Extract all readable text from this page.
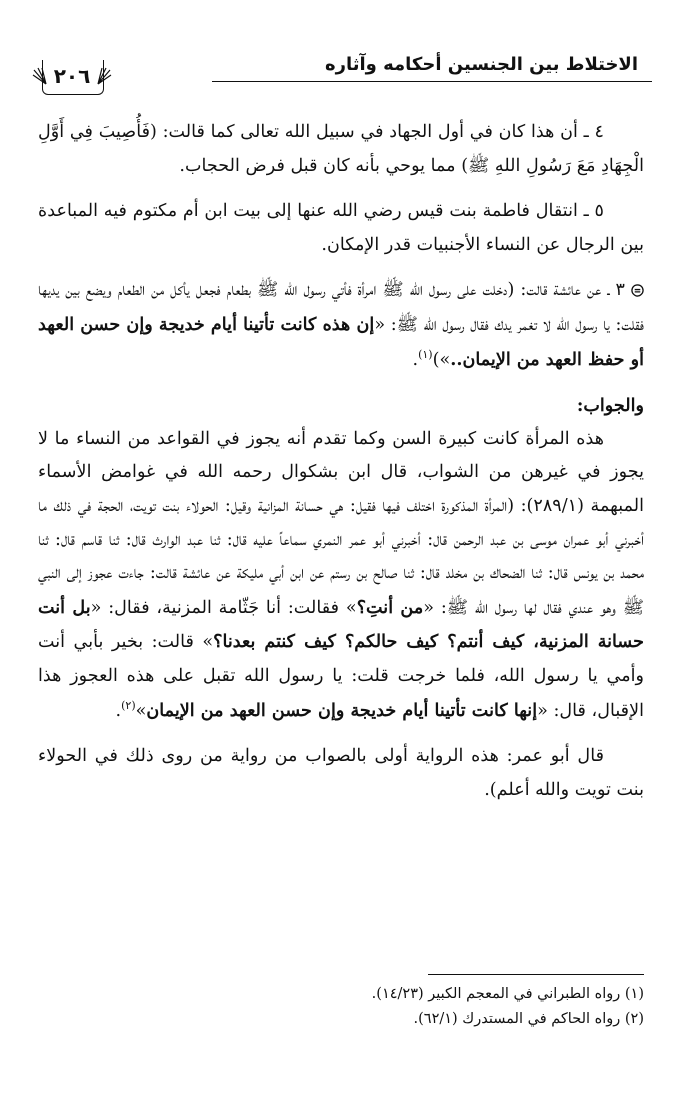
الاختلاط بين الجنسين أحكامه وآثاره
٢٠٦

٤ ـ أن هذا كان في أول الجهاد في سبيل الله تعالى كما قالت: (فَأُصِيبَ فِي أَوَّلِ الْجِهَادِ مَعَ رَسُولِ اللهِ ﷺ) مما يوحي بأنه كان قبل فرض الحجاب.

٥ ـ انتقال فاطمة بنت قيس رضي الله عنها إلى بيت ابن أم مكتوم فيه المباعدة بين الرجال عن النساء الأجنبيات قدر الإمكان.

٣ ـ عن عائشة قالت: (دخلت على رسول الله ﷺ امرأة فأتي رسول الله ﷺ بطعام فجعل يأكل من الطعام ويضع بين يديها فقلت: يا رسول الله لا تغمر يدك فقال رسول الله ﷺ: «إن هذه كانت تأتينا أيام خديجة وإن حسن العهد أو حفظ العهد من الإيمان..»)$^{(١)}$.

والجواب:

هذه المرأة كانت كبيرة السن وكما تقدم أنه يجوز في القواعد من النساء ما لا يجوز في غيرهن من الشواب، قال ابن بشكوال رحمه الله في غوامض الأسماء المبهمة (٢٨٩/١): (المرأة المذكورة اختلف فيها فقيل: هي حسانة المزانية وقيل: الحولاء بنت تويت، الحجة في ذلك ما أخبرني أبو عمران موسى بن عبد الرحمن قال: أخبرني أبو عمر النمري سماعاً عليه قال: ثنا عبد الوارث قال: ثنا قاسم قال: ثنا محمد بن يونس قال: ثنا الضحاك بن مخلد قال: ثنا صالح بن رستم عن ابن أبي مليكة عن عائشة قالت: جاءت عجوز إلى النبي ﷺ وهو عندي فقال لها رسول الله ﷺ: «من أنتِ؟» فقالت: أنا جَثّامة المزنية، فقال: «بل أنت حسانة المزنية، كيف أنتم؟ كيف حالكم؟ كيف كنتم بعدنا؟» قالت: بخير بأبي أنت وأمي يا رسول الله، فلما خرجت قلت: يا رسول الله تقبل على هذه العجوز هذا الإقبال، قال: «إنها كانت تأتينا أيام خديجة وإن حسن العهد من الإيمان»$^{(٢)}$.

قال أبو عمر: هذه الرواية أولى بالصواب من رواية من روى ذلك في الحولاء بنت تويت والله أعلم).

(١) رواه الطبراني في المعجم الكبير (١٤/٢٣).

(٢) رواه الحاكم في المستدرك (٦٢/١).
